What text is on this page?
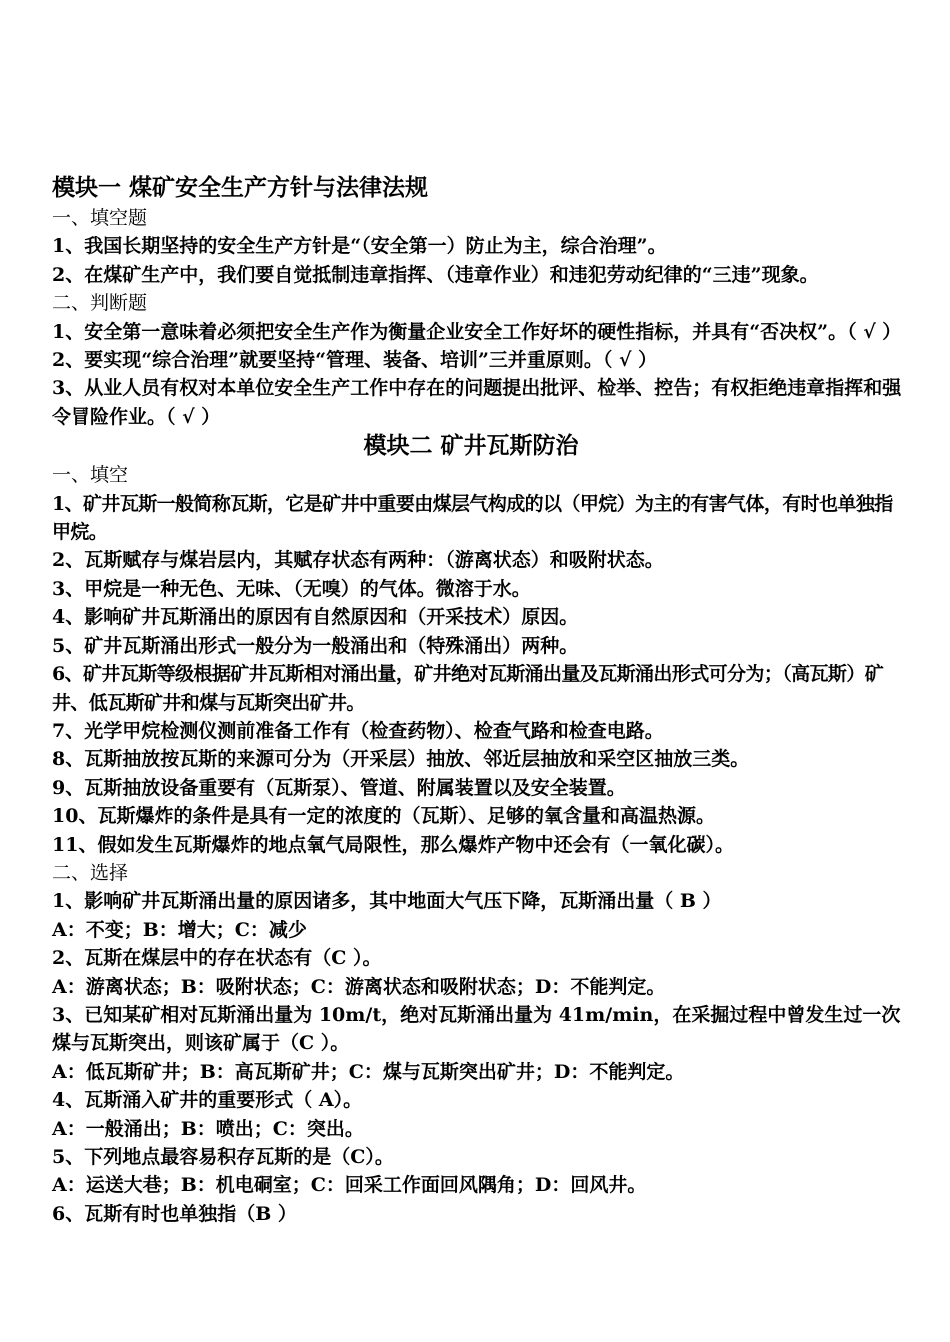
模块一 煤矿安全生产方针与法律法规
一、填空题
1、我国长期坚持的安全生产方针是“（安全第一）防止为主，综合治理”。
2、在煤矿生产中，我们要自觉抵制违章指挥、（违章作业）和违犯劳动纪律的“三违”现象。
二、判断题
1、安全第一意味着必须把安全生产作为衡量企业安全工作好坏的硬性指标，并具有“否决权”。（ √ ）
2、要实现“综合治理”就要坚持“管理、装备、培训”三并重原则。（ √ ）
3、从业人员有权对本单位安全生产工作中存在的问题提出批评、检举、控告；有权拒绝违章指挥和强令冒险作业。（ √ ）
模块二 矿井瓦斯防治
一、填空
1、矿井瓦斯一般简称瓦斯，它是矿井中重要由煤层气构成的以（甲烷）为主的有害气体，有时也单独指甲烷。
2、瓦斯赋存与煤岩层内，其赋存状态有两种：（游离状态）和吸附状态。
3、甲烷是一种无色、无味、（无嗅）的气体。微溶于水。
4、影响矿井瓦斯涌出的原因有自然原因和（开采技术）原因。
5、矿井瓦斯涌出形式一般分为一般涌出和（特殊涌出）两种。
6、矿井瓦斯等级根据矿井瓦斯相对涌出量，矿井绝对瓦斯涌出量及瓦斯涌出形式可分为；（高瓦斯）矿井、低瓦斯矿井和煤与瓦斯突出矿井。
7、光学甲烷检测仪测前准备工作有（检查药物）、检查气路和检查电路。
8、瓦斯抽放按瓦斯的来源可分为（开采层）抽放、邻近层抽放和采空区抽放三类。
9、瓦斯抽放设备重要有（瓦斯泵）、管道、附属装置以及安全装置。
10、瓦斯爆炸的条件是具有一定的浓度的（瓦斯）、足够的氧含量和高温热源。
11、假如发生瓦斯爆炸的地点氧气局限性，那么爆炸产物中还会有（一氧化碳）。
二、选择
1、影响矿井瓦斯涌出量的原因诸多，其中地面大气压下降，瓦斯涌出量（ B ）
A：不变；B：增大；C：减少
2、瓦斯在煤层中的存在状态有（C ）。
A：游离状态；B：吸附状态；C：游离状态和吸附状态；D：不能判定。
3、已知某矿相对瓦斯涌出量为 10m/t，绝对瓦斯涌出量为 41m/min，在采掘过程中曾发生过一次煤与瓦斯突出，则该矿属于（C ）。
A：低瓦斯矿井；B：高瓦斯矿井；C：煤与瓦斯突出矿井；D：不能判定。
4、瓦斯涌入矿井的重要形式（ A）。
A：一般涌出；B：喷出；C：突出。
5、下列地点最容易积存瓦斯的是（C）。
A：运送大巷；B：机电硐室；C：回采工作面回风隅角；D：回风井。
6、瓦斯有时也单独指（B ）
